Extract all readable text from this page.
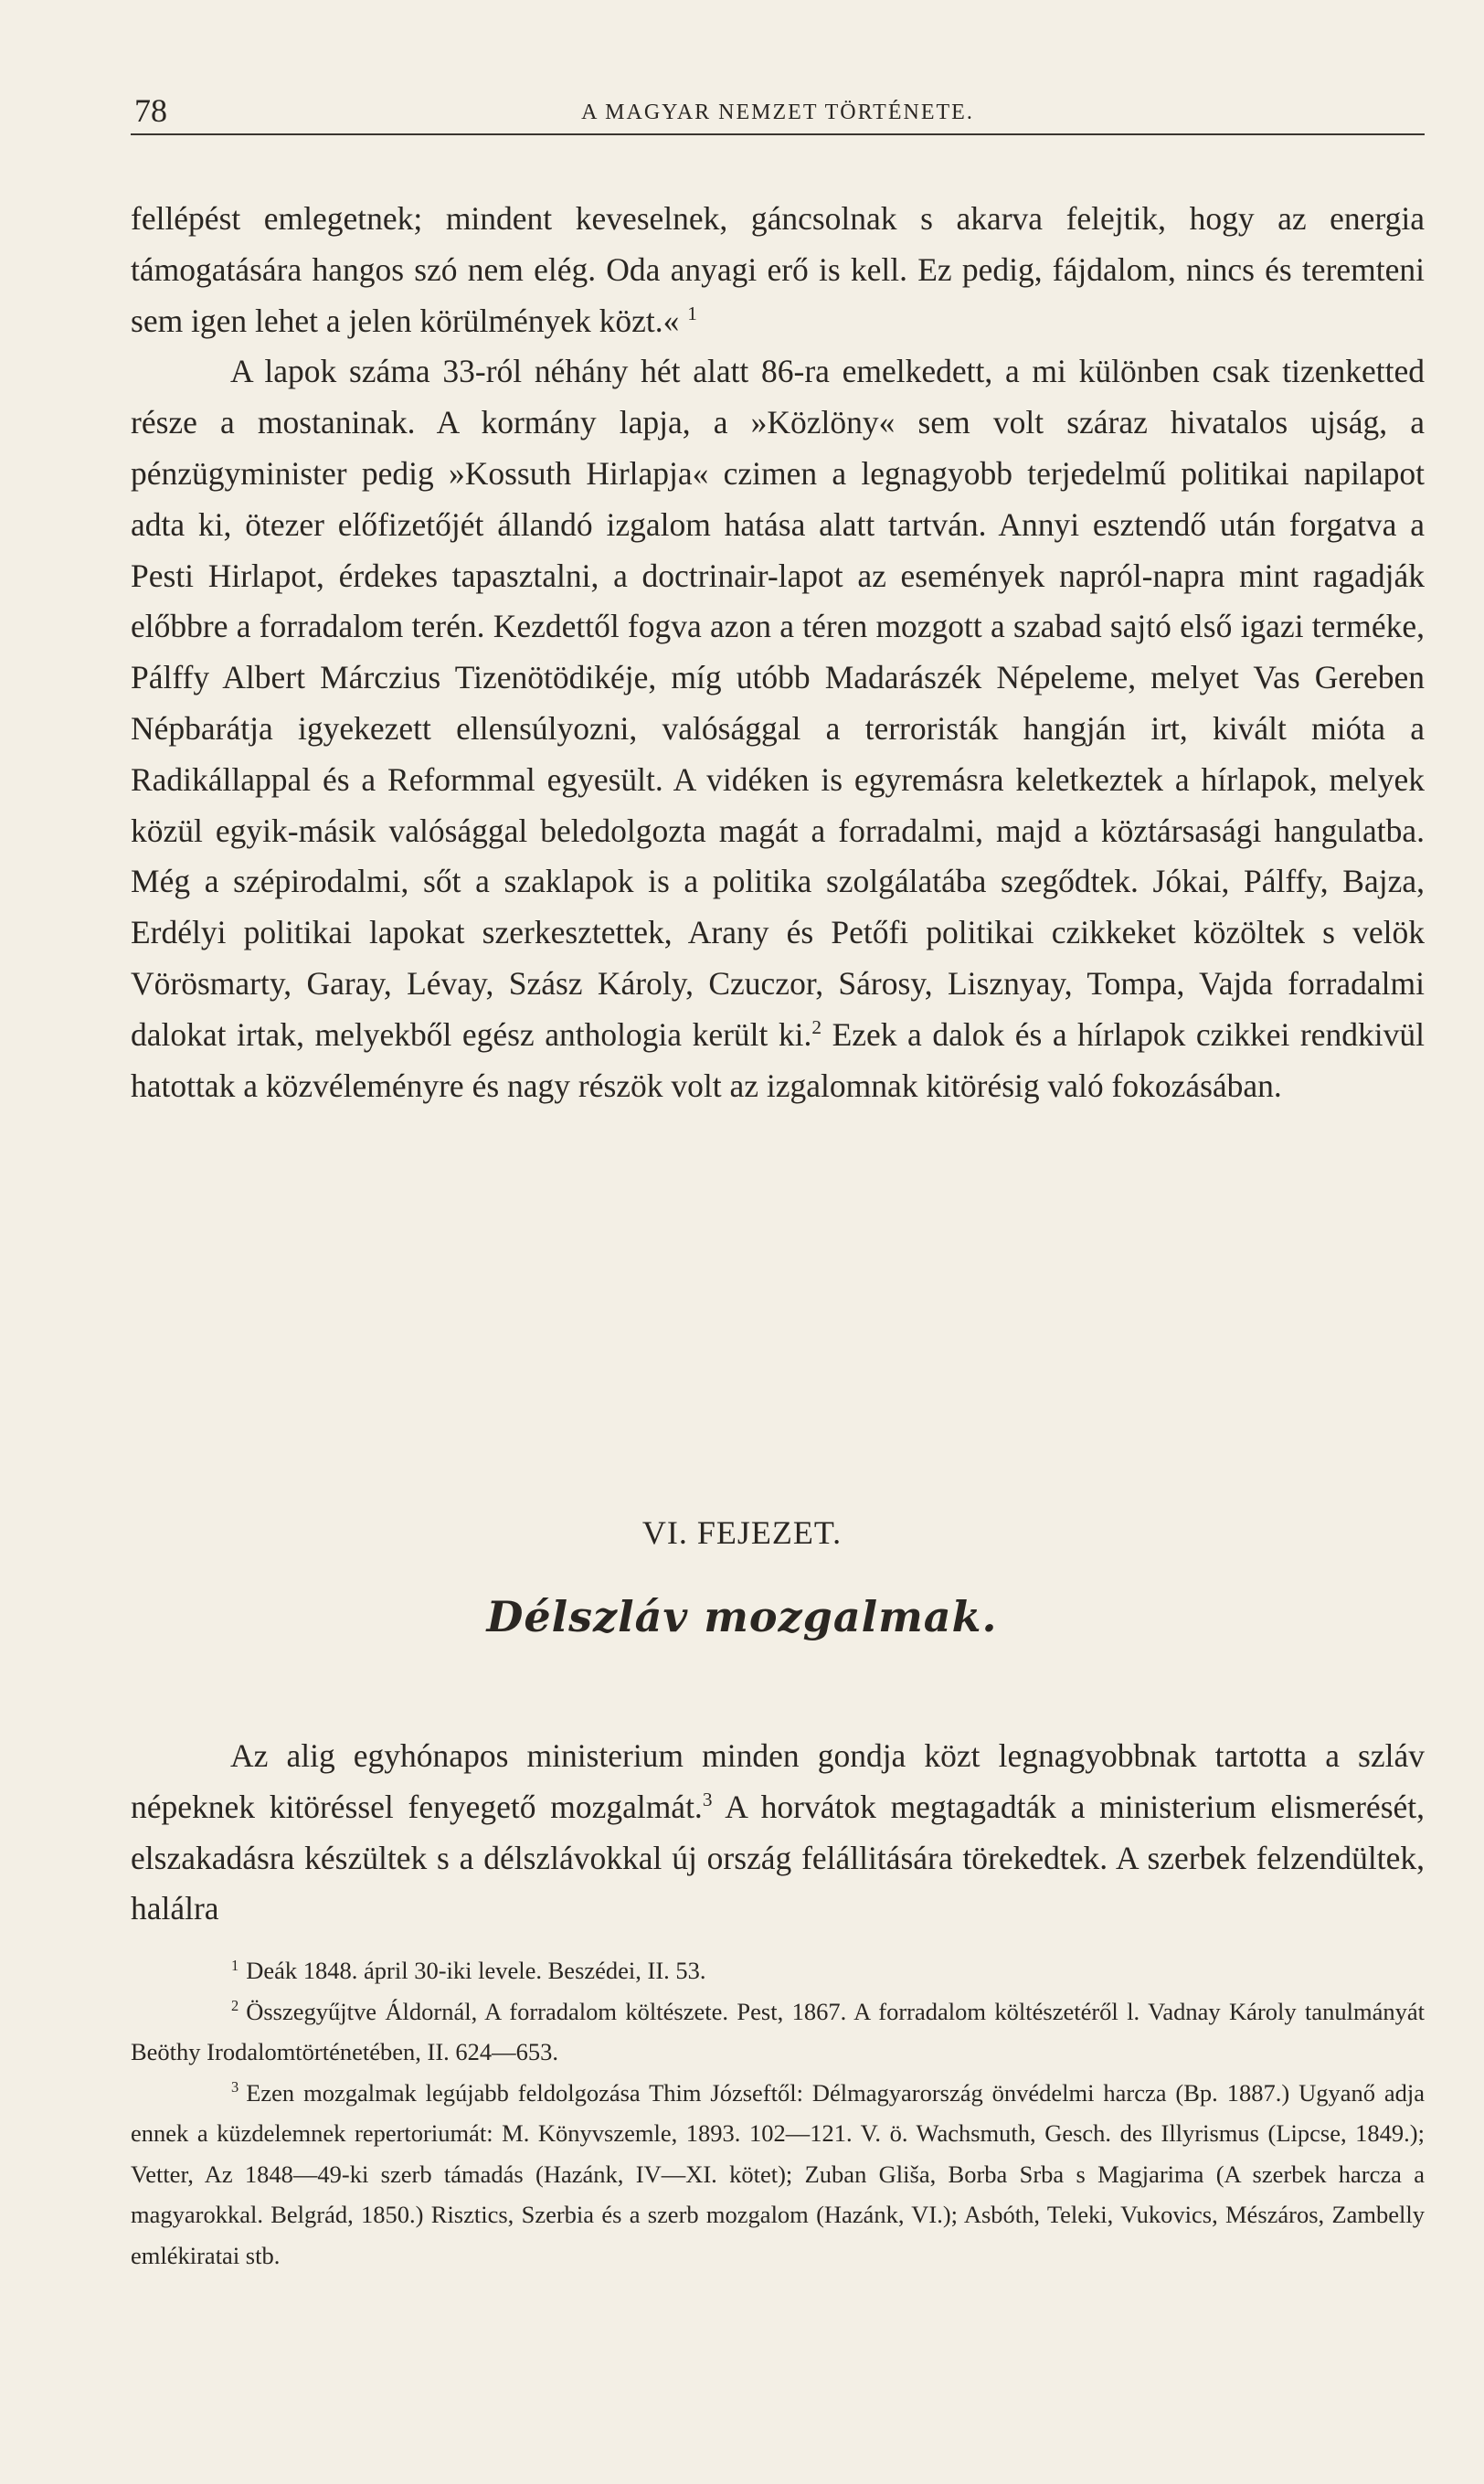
78	A MAGYAR NEMZET TÖRTÉNETE.

fellépést emlegetnek; mindent keveselnek, gáncsolnak s akarva felejtik, hogy az energia támogatására hangos szó nem elég. Oda anyagi erő is kell. Ez pedig, fájdalom, nincs és teremteni sem igen lehet a jelen körülmények közt.« $^1$

A lapok száma 33-ról néhány hét alatt 86-ra emelkedett, a mi különben csak tizenketted része a mostaninak. A kormány lapja, a »Közlöny« sem volt száraz hivatalos ujság, a pénzügyminister pedig »Kossuth Hirlapja« czimen a legnagyobb terjedelmű politikai napilapot adta ki, ötezer előfizetőjét állandó izgalom hatása alatt tartván. Annyi esztendő után forgatva a Pesti Hirlapot, érdekes tapasztalni, a doctrinair-lapot az események napról-napra mint ragadják előbbre a forradalom terén. Kezdettől fogva azon a téren mozgott a szabad sajtó első igazi terméke, Pálffy Albert Márczius Tizenötödikéje, míg utóbb Madarászék Népeleme, melyet Vas Gereben Népbarátja igyekezett ellensúlyozni, valósággal a terroristák hangján irt, kivált mióta a Radikállappal és a Reformmal egyesült. A vidéken is egyremásra keletkeztek a hírlapok, melyek közül egyik-másik valósággal beledolgozta magát a forradalmi, majd a köztársasági hangulatba. Még a szépirodalmi, sőt a szaklapok is a politika szolgálatába szegődtek. Jókai, Pálffy, Bajza, Erdélyi politikai lapokat szerkesztettek, Arany és Petőfi politikai czikkeket közöltek s velök Vörösmarty, Garay, Lévay, Szász Károly, Czuczor, Sárosy, Lisznyay, Tompa, Vajda forradalmi dalokat irtak, melyekből egész anthologia került ki.$^2$ Ezek a dalok és a hírlapok czikkei rendkivül hatottak a közvéleményre és nagy részök volt az izgalomnak kitörésig való fokozásában.

VI. FEJEZET.
Délszláv mozgalmak.

Az alig egyhónapos ministerium minden gondja közt legnagyobbnak tartotta a szláv népeknek kitöréssel fenyegető mozgalmát.$^3$ A horvátok megtagadták a ministerium elismerését, elszakadásra készültek s a délszlávokkal új ország felállitására törekedtek. A szerbek felzendültek, halálra

$^1$ Deák 1848. ápril 30-iki levele. Beszédei, II. 53.

$^2$ Összegyűjtve Áldornál, A forradalom költészete. Pest, 1867. A forradalom költészetéről l. Vadnay Károly tanulmányát Beöthy Irodalomtörténetében, II. 624—653.

$^3$ Ezen mozgalmak legújabb feldolgozása Thim Józseftől: Délmagyarország önvédelmi harcza (Bp. 1887.) Ugyanő adja ennek a küzdelemnek repertoriumát: M. Könyvszemle, 1893. 102—121. V. ö. Wachsmuth, Gesch. des Illyrismus (Lipcse, 1849.); Vetter, Az 1848—49-ki szerb támadás (Hazánk, IV—XI. kötet); Zuban Gliša, Borba Srba s Magjarima (A szerbek harcza a magyarokkal. Belgrád, 1850.) Risztics, Szerbia és a szerb mozgalom (Hazánk, VI.); Asbóth, Teleki, Vukovics, Mészáros, Zambelly emlékiratai stb.
